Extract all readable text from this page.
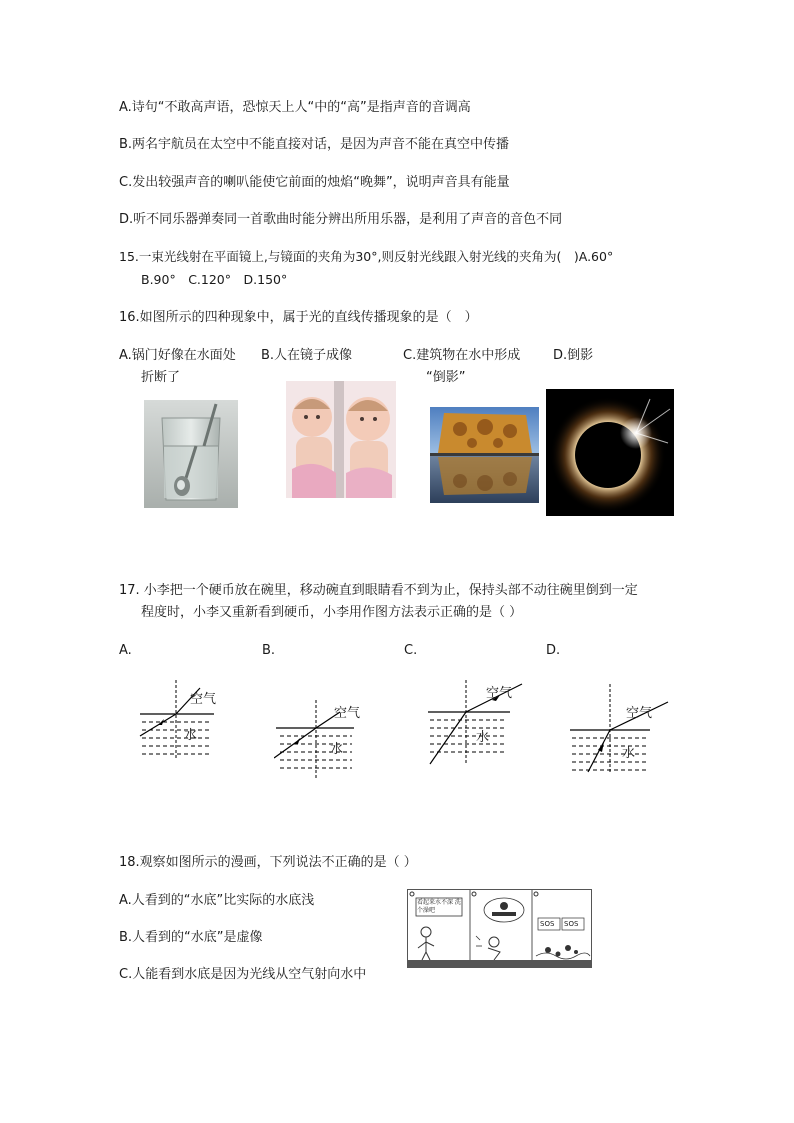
A.诗句“不敢高声语，恐惊天上人“中的“高”是指声音的音调高
B.两名宇航员在太空中不能直接对话，是因为声音不能在真空中传播
C.发出较强声音的喇叭能使它前面的烛焰“晚舞”，说明声音具有能量
D.听不同乐器弹奏同一首歌曲时能分辨出所用乐器，是利用了声音的音色不同
15.一束光线射在平面镜上,与镜面的夹角为30°,则反射光线跟入射光线的夹角为(　)A.60°
B.90°　C.120°　D.150°
16.如图所示的四种现象中，属于光的直线传播现象的是（　）
A.锅门好像在水面处
折断了
B.人在镜子成像	C.建筑物在水中形成
“倒影”
D.倒影
17. 小李把一个硬币放在碗里，移动碗直到眼睛看不到为止，保持头部不动往碗里倒到一定
程度时，小李又重新看到硬币，小李用作图方法表示正确的是（ ）
A.	B.	C.	D.
空气
水
空气
水
空气
水
空气
水
18.观察如图所示的漫画，下列说法不正确的是（ ）
A.人看到的“水底”比实际的水底浅
B.人看到的“水底”是虚像
C.人能看到水底是因为光线从空气射向水中
看起来水不深 洗个澡吧
SOS SOS
